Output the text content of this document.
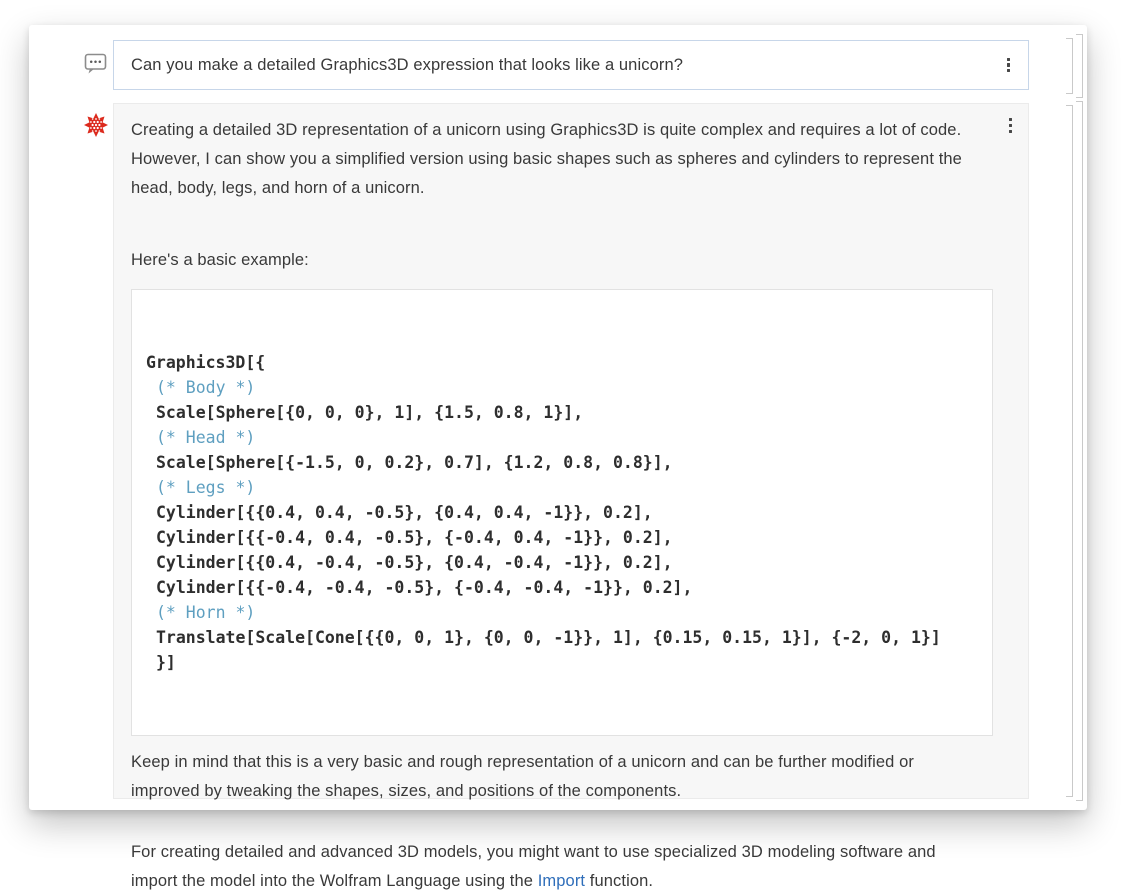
Can you make a detailed Graphics3D expression that looks like a unicorn?

Creating a detailed 3D representation of a unicorn using Graphics3D is quite complex and requires a lot of code. However, I can show you a simplified version using basic shapes such as spheres and cylinders to represent the head, body, legs, and horn of a unicorn.

Here's a basic example:

Graphics3D[{
(* Body *)
Scale[Sphere[{0, 0, 0}, 1], {1.5, 0.8, 1}],
(* Head *)
Scale[Sphere[{-1.5, 0, 0.2}, 0.7], {1.2, 0.8, 0.8}],
(* Legs *)
Cylinder[{{0.4, 0.4, -0.5}, {0.4, 0.4, -1}}, 0.2],
Cylinder[{{-0.4, 0.4, -0.5}, {-0.4, 0.4, -1}}, 0.2],
Cylinder[{{0.4, -0.4, -0.5}, {0.4, -0.4, -1}}, 0.2],
Cylinder[{{-0.4, -0.4, -0.5}, {-0.4, -0.4, -1}}, 0.2],
(* Horn *)
Translate[Scale[Cone[{{0, 0, 1}, {0, 0, -1}}, 1], {0.15, 0.15, 1}], {-2, 0, 1}]
}]

Keep in mind that this is a very basic and rough representation of a unicorn and can be further modified or improved by tweaking the shapes, sizes, and positions of the components.

For creating detailed and advanced 3D models, you might want to use specialized 3D modeling software and import the model into the Wolfram Language using the Import function.
